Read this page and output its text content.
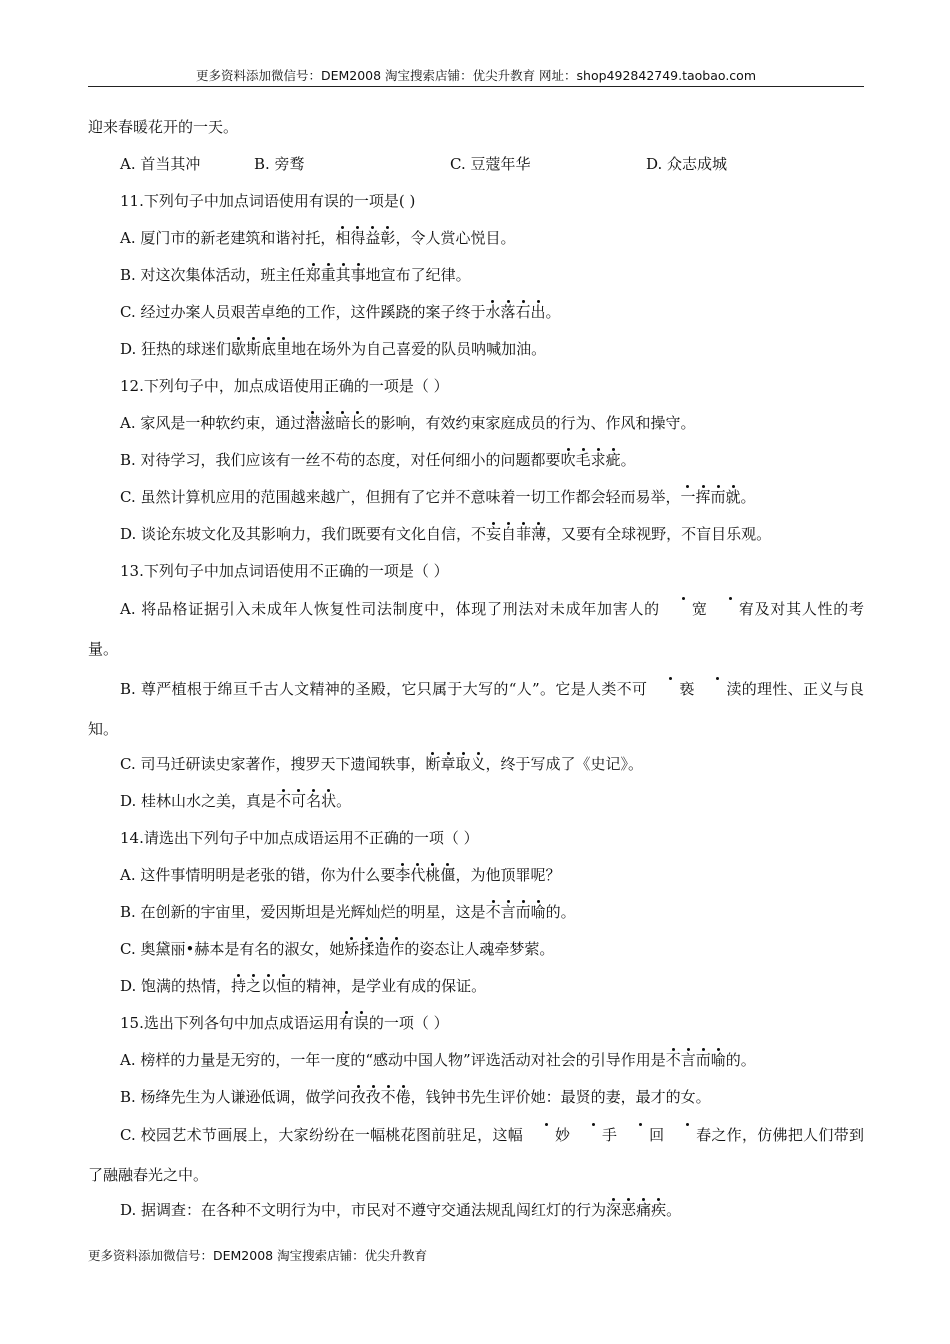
更多资料添加微信号：DEM2008 淘宝搜索店铺：优尖升教育 网址：shop492842749.taobao.com
迎来春暖花开的一天。
A. 首当其冲	B. 旁骛	C. 豆蔻年华	D. 众志成城
11.下列句子中加点词语使用有误的一项是( )
A. 厦门市的新老建筑和谐衬托，相得益彰，令人赏心悦目。
B. 对这次集体活动，班主任郑重其事地宣布了纪律。
C. 经过办案人员艰苦卓绝的工作，这件蹊跷的案子终于水落石出。
D. 狂热的球迷们歇斯底里地在场外为自己喜爱的队员呐喊加油。
12.下列句子中，加点成语使用正确的一项是（ ）
A. 家风是一种软约束，通过潜滋暗长的影响，有效约束家庭成员的行为、作风和操守。
B. 对待学习，我们应该有一丝不苟的态度，对任何细小的问题都要吹毛求疵。
C. 虽然计算机应用的范围越来越广，但拥有了它并不意味着一切工作都会轻而易举，一挥而就。
D. 谈论东坡文化及其影响力，我们既要有文化自信，不妄自菲薄，又要有全球视野，不盲目乐观。
13.下列句子中加点词语使用不正确的一项是（ ）
A. 将品格证据引入未成年人恢复性司法制度中，体现了刑法对未成年加害人的 宽 宥及对其人性的考量。
B. 尊严植根于绵亘千古人文精神的圣殿，它只属于大写的“人”。它是人类不可 亵 渎的理性、正义与良知。
C. 司马迁研读史家著作，搜罗天下遗闻轶事，断章取义，终于写成了《史记》。
D. 桂林山水之美，真是不可名状。
14.请选出下列句子中加点成语运用不正确的一项（ ）
A. 这件事情明明是老张的错，你为什么要李代桃僵，为他顶罪呢？
B. 在创新的宇宙里，爱因斯坦是光辉灿烂的明星，这是不言而喻的。
C. 奥黛丽•赫本是有名的淑女，她矫揉造作的姿态让人魂牵梦萦。
D. 饱满的热情，持之以恒的精神，是学业有成的保证。
15.选出下列各句中加点成语运用有误的一项（ ）
A. 榜样的力量是无穷的，一年一度的“感动中国人物”评选活动对社会的引导作用是不言而喻的。
B. 杨绛先生为人谦逊低调，做学问孜孜不倦，钱钟书先生评价她：最贤的妻，最才的女。
C. 校园艺术节画展上，大家纷纷在一幅桃花图前驻足，这幅 妙 手 回 春之作，仿佛把人们带到了融融春光之中。
D. 据调查：在各种不文明行为中，市民对不遵守交通法规乱闯红灯的行为深恶痛疾。
更多资料添加微信号：DEM2008 淘宝搜索店铺：优尖升教育
